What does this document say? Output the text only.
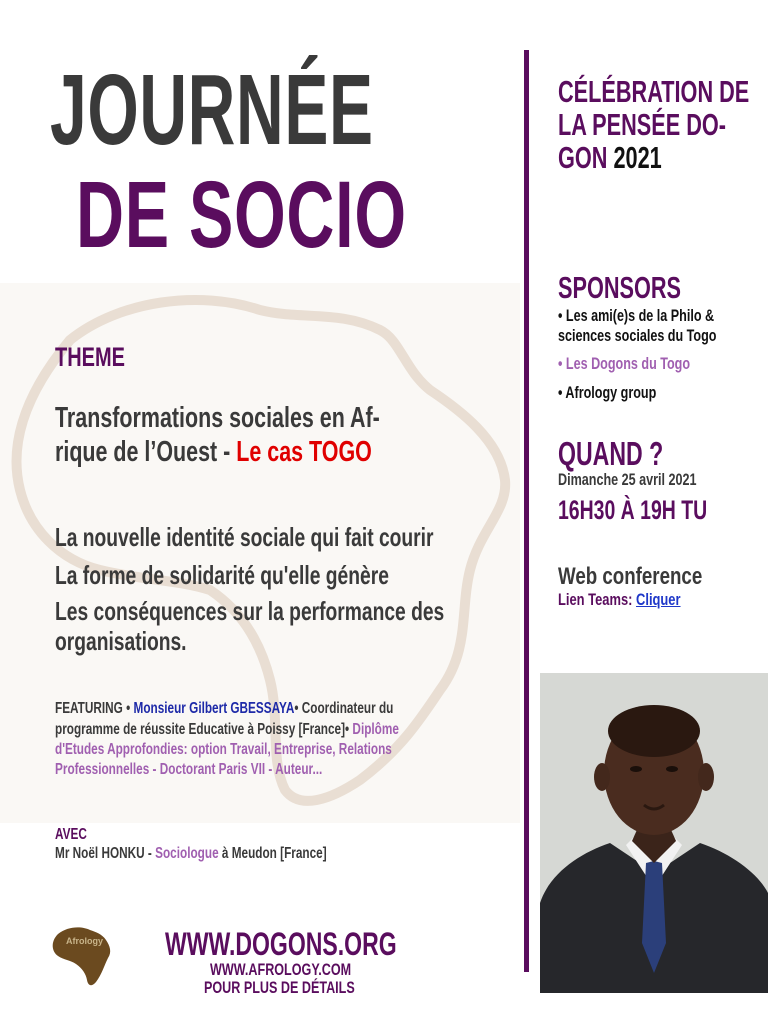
JOURNÉE
DE SOCIO
THEME
Transformations sociales en Af-
rique de l’Ouest - Le cas TOGO
La nouvelle identité sociale qui fait courir
La forme de solidarité qu'elle génère
Les conséquences sur la performance des
organisations.
FEATURING • Monsieur Gilbert GBESSAYA• Coordinateur du
programme de réussite Educative à Poissy [France]• Diplôme
d'Etudes Approfondies: option Travail, Entreprise, Relations
Professionnelles - Doctorant Paris VII - Auteur...
AVEC
Mr Noël HONKU - Sociologue à Meudon [France]
Afrology WWW.DOGONS.ORG
WWW.AFROLOGY.COM
POUR PLUS DE DÉTAILS
CÉLÉBRATION DE
LA PENSÉE DO-
GON 2021
SPONSORS
• Les ami(e)s de la Philo &
sciences sociales du Togo
• Les Dogons du Togo
• Afrology group
QUAND ?
Dimanche 25 avril 2021
16H30 À 19H TU
Web conference
Lien Teams: Cliquer
